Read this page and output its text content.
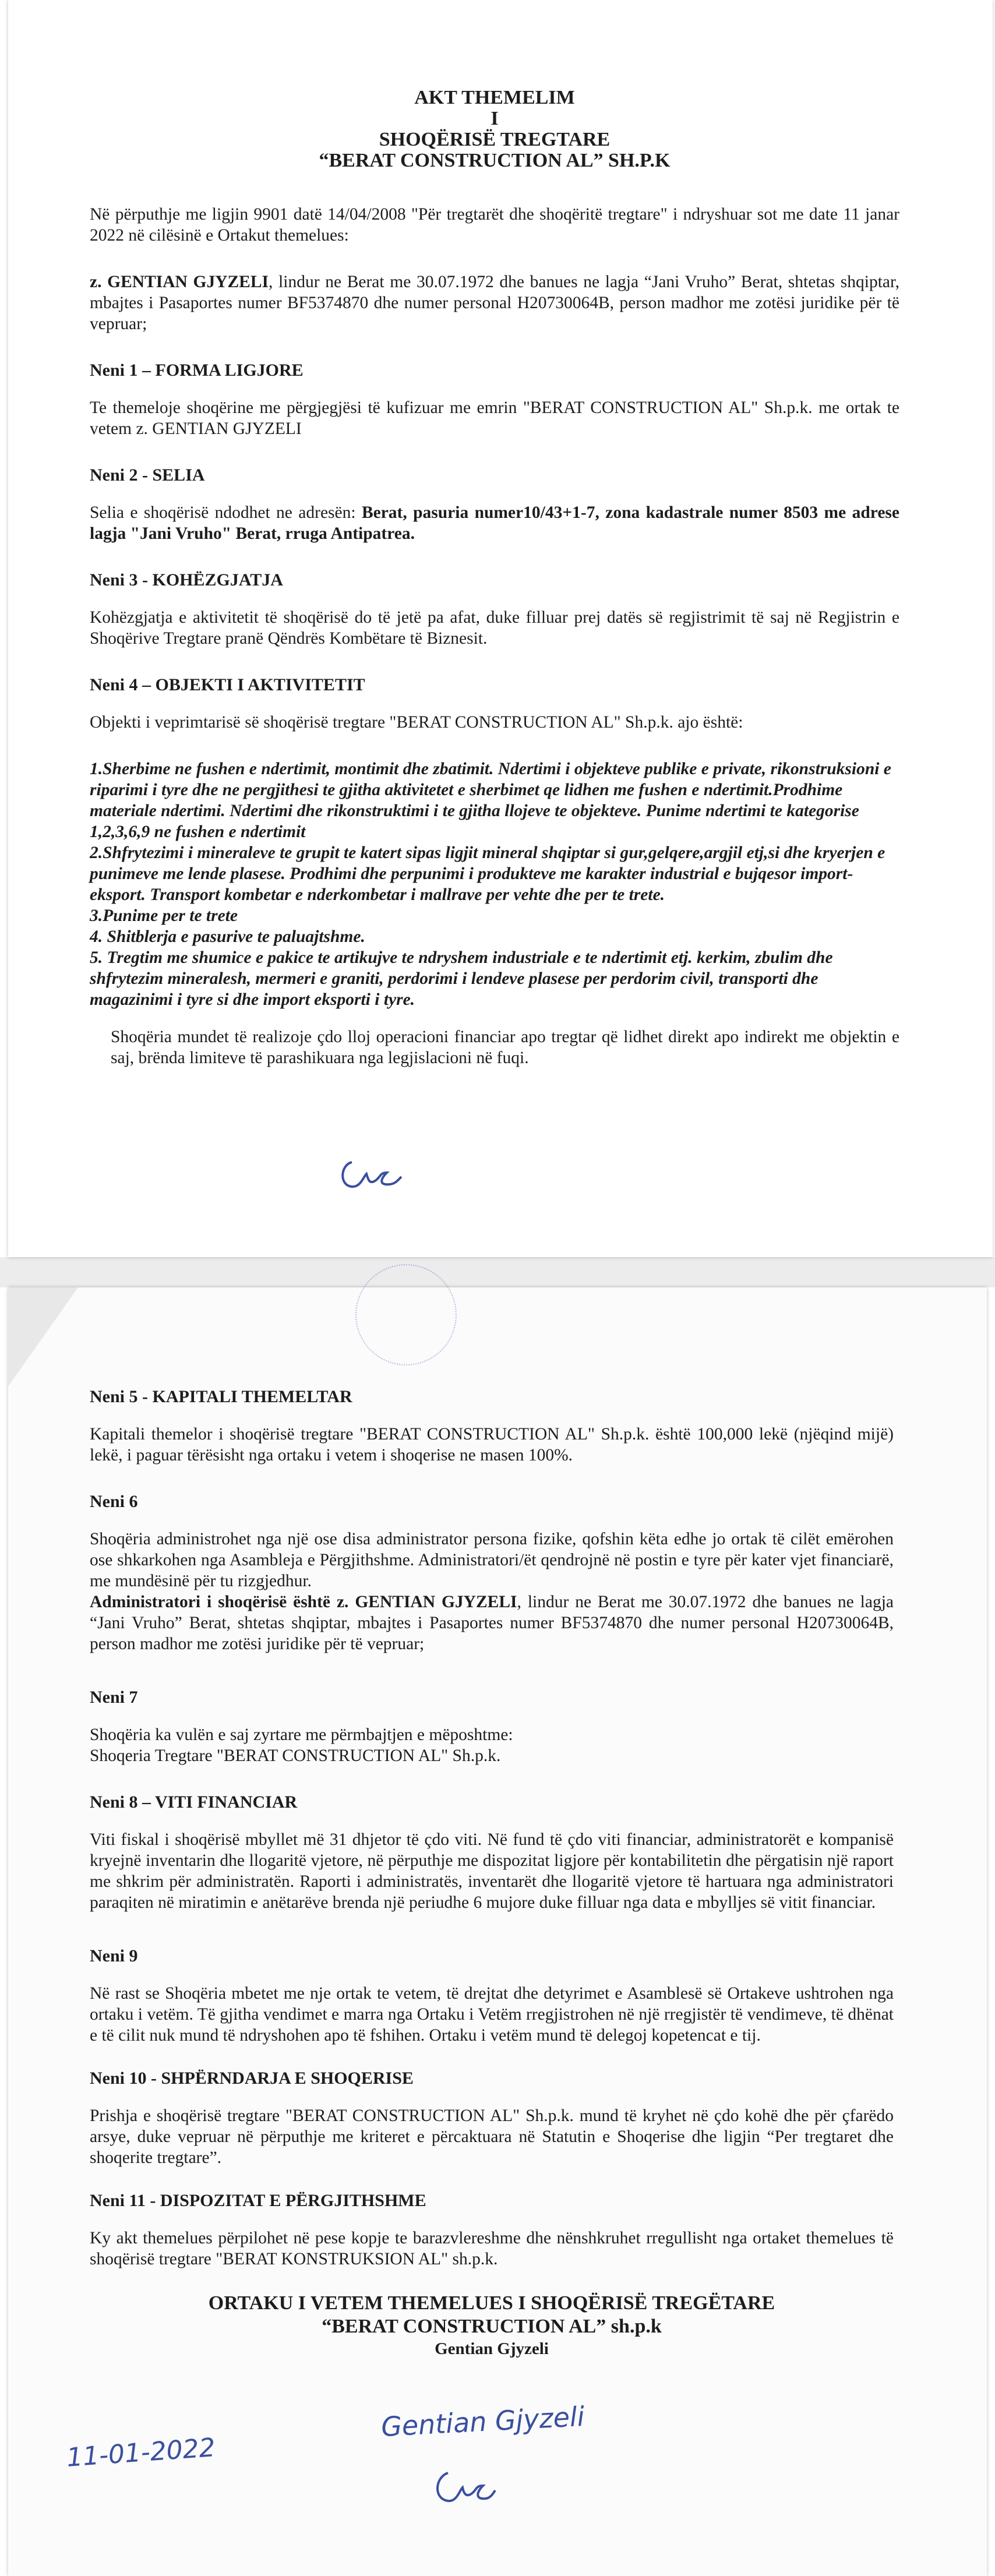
AKT THEMELIM

I

SHOQËRISË TREGTARE

“BERAT CONSTRUCTION AL” SH.P.K

Në përputhje me ligjin 9901 datë 14/04/2008 "Për tregtarët dhe shoqëritë tregtare" i ndryshuar sot me date 11 janar 2022 në cilësinë e Ortakut themelues:

z. GENTIAN GJYZELI, lindur ne Berat me 30.07.1972 dhe banues ne lagja “Jani Vruho” Berat, shtetas shqiptar, mbajtes i Pasaportes numer BF5374870 dhe numer personal H20730064B, person madhor me zotësi juridike për të vepruar;

Neni 1 – FORMA LIGJORE

Te themeloje shoqërine me përgjegjësi të kufizuar me emrin "BERAT CONSTRUCTION AL" Sh.p.k. me ortak te vetem z. GENTIAN GJYZELI

Neni 2 - SELIA

Selia e shoqërisë ndodhet ne adresën: Berat, pasuria numer10/43+1-7, zona kadastrale numer 8503 me adrese lagja "Jani Vruho" Berat, rruga Antipatrea.

Neni 3 - KOHËZGJATJA

Kohëzgjatja e aktivitetit të shoqërisë do të jetë pa afat, duke filluar prej datës së regjistrimit të saj në Regjistrin e Shoqërive Tregtare pranë Qëndrës Kombëtare të Biznesit.

Neni 4 – OBJEKTI I AKTIVITETIT

Objekti i veprimtarisë së shoqërisë tregtare "BERAT CONSTRUCTION AL" Sh.p.k. ajo është:

1.Sherbime ne fushen e ndertimit, montimit dhe zbatimit. Ndertimi i objekteve publike e private, rikonstruksioni e riparimi i tyre dhe ne pergjithesi te gjitha aktivitetet e sherbimet qe lidhen me fushen e ndertimit.Prodhime materiale ndertimi. Ndertimi dhe rikonstruktimi i te gjitha llojeve te objekteve. Punime ndertimi te kategorise 1,2,3,6,9 ne fushen e ndertimit

2.Shfrytezimi i mineraleve te grupit te katert sipas ligjit mineral shqiptar si gur,gelqere,argjil etj,si dhe kryerjen e punimeve me lende plasese. Prodhimi dhe perpunimi i produkteve me karakter industrial e bujqesor import-eksport. Transport kombetar e nderkombetar i mallrave per vehte dhe per te trete.

3.Punime per te trete

4. Shitblerja e pasurive te paluajtshme.

5. Tregtim me shumice e pakice te artikujve te ndryshem industriale e te ndertimit etj. kerkim, zbulim dhe shfrytezim mineralesh, mermeri e graniti, perdorimi i lendeve plasese per perdorim civil, transporti dhe magazinimi i tyre si dhe import eksporti i tyre.

Shoqëria mundet të realizoje çdo lloj operacioni financiar apo tregtar që lidhet direkt apo indirekt me objektin e saj, brënda limiteve të parashikuara nga legjislacioni në fuqi.

Neni 5 - KAPITALI THEMELTAR

Kapitali themelor i shoqërisë tregtare "BERAT CONSTRUCTION AL" Sh.p.k. është 100,000 lekë (njëqind mijë) lekë, i paguar tërësisht nga ortaku i vetem i shoqerise ne masen 100%.

Neni 6

Shoqëria administrohet nga një ose disa administrator persona fizike, qofshin këta edhe jo ortak të cilët emërohen ose shkarkohen nga Asambleja e Përgjithshme. Administratori/ët qendrojnë në postin e tyre për kater vjet financiarë, me mundësinë për tu rizgjedhur.

Administratori i shoqërisë është z. GENTIAN GJYZELI, lindur ne Berat me 30.07.1972 dhe banues ne lagja “Jani Vruho” Berat, shtetas shqiptar, mbajtes i Pasaportes numer BF5374870 dhe numer personal H20730064B, person madhor me zotësi juridike për të vepruar;

Neni 7

Shoqëria ka vulën e saj zyrtare me përmbajtjen e mëposhtme:

Shoqeria Tregtare "BERAT CONSTRUCTION AL" Sh.p.k.

Neni 8 – VITI FINANCIAR

Viti fiskal i shoqërisë mbyllet më 31 dhjetor të çdo viti. Në fund të çdo viti financiar, administratorët e kompanisë kryejnë inventarin dhe llogaritë vjetore, në përputhje me dispozitat ligjore për kontabilitetin dhe përgatisin një raport me shkrim për administratën. Raporti i administratës, inventarët dhe llogaritë vjetore të hartuara nga administratori paraqiten në miratimin e anëtarëve brenda një periudhe 6 mujore duke filluar nga data e mbylljes së vitit financiar.

Neni 9

Në rast se Shoqëria mbetet me nje ortak te vetem, të drejtat dhe detyrimet e Asamblesë së Ortakeve ushtrohen nga ortaku i vetëm. Të gjitha vendimet e marra nga Ortaku i Vetëm rregjistrohen në një rregjistër të vendimeve, të dhënat e të cilit nuk mund të ndryshohen apo të fshihen. Ortaku i vetëm mund të delegoj kopetencat e tij.

Neni 10 - SHPËRNDARJA E SHOQERISE

Prishja e shoqërisë tregtare "BERAT CONSTRUCTION AL" Sh.p.k. mund të kryhet në çdo kohë dhe për çfarëdo arsye, duke vepruar në përputhje me kriteret e përcaktuara në Statutin e Shoqerise dhe ligjin “Per tregtaret dhe shoqerite tregtare”.

Neni 11 - DISPOZITAT E PËRGJITHSHME

Ky akt themelues përpilohet në pese kopje te barazvlereshme dhe nënshkruhet rregullisht nga ortaket themelues të shoqërisë tregtare "BERAT KONSTRUKSION AL" sh.p.k.

ORTAKU I VETEM THEMELUES I SHOQËRISË TREGËTARE

“BERAT CONSTRUCTION AL” sh.p.k

Gentian Gjyzeli

Gentian Gjyzeli
11-01-2022
